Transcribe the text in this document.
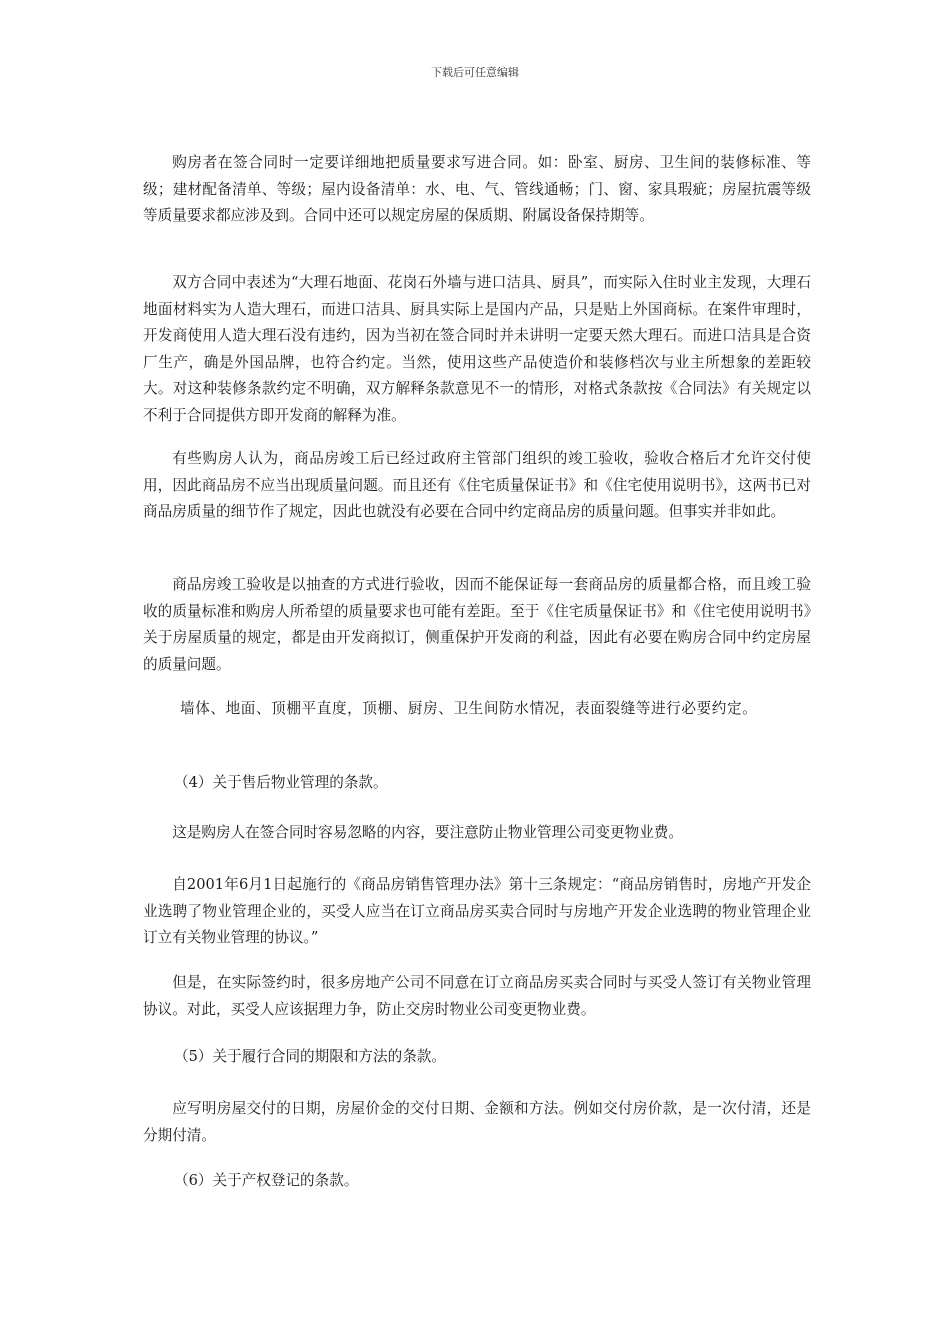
下载后可任意编辑

购房者在签合同时一定要详细地把质量要求写进合同。如：卧室、厨房、卫生间的装修标准、等级；建材配备清单、等级；屋内设备清单：水、电、气、管线通畅；门、窗、家具瑕疵；房屋抗震等级等质量要求都应涉及到。合同中还可以规定房屋的保质期、附属设备保持期等。

双方合同中表述为“大理石地面、花岗石外墙与进口洁具、厨具”，而实际入住时业主发现，大理石地面材料实为人造大理石，而进口洁具、厨具实际上是国内产品，只是贴上外国商标。在案件审理时，开发商使用人造大理石没有违约，因为当初在签合同时并未讲明一定要天然大理石。而进口洁具是合资厂生产，确是外国品牌，也符合约定。当然，使用这些产品使造价和装修档次与业主所想象的差距较大。对这种装修条款约定不明确，双方解释条款意见不一的情形，对格式条款按《合同法》有关规定以不利于合同提供方即开发商的解释为准。

有些购房人认为，商品房竣工后已经过政府主管部门组织的竣工验收，验收合格后才允许交付使用，因此商品房不应当出现质量问题。而且还有《住宅质量保证书》和《住宅使用说明书》，这两书已对商品房质量的细节作了规定，因此也就没有必要在合同中约定商品房的质量问题。但事实并非如此。

商品房竣工验收是以抽查的方式进行验收，因而不能保证每一套商品房的质量都合格，而且竣工验收的质量标准和购房人所希望的质量要求也可能有差距。至于《住宅质量保证书》和《住宅使用说明书》关于房屋质量的规定，都是由开发商拟订，侧重保护开发商的利益，因此有必要在购房合同中约定房屋的质量问题。

墙体、地面、顶棚平直度，顶棚、厨房、卫生间防水情况，表面裂缝等进行必要约定。

（4）关于售后物业管理的条款。

这是购房人在签合同时容易忽略的内容，要注意防止物业管理公司变更物业费。

自2001年6月1日起施行的《商品房销售管理办法》第十三条规定：“商品房销售时，房地产开发企业选聘了物业管理企业的，买受人应当在订立商品房买卖合同时与房地产开发企业选聘的物业管理企业订立有关物业管理的协议。”

但是，在实际签约时，很多房地产公司不同意在订立商品房买卖合同时与买受人签订有关物业管理协议。对此，买受人应该据理力争，防止交房时物业公司变更物业费。

（5）关于履行合同的期限和方法的条款。

应写明房屋交付的日期，房屋价金的交付日期、金额和方法。例如交付房价款，是一次付清，还是分期付清。

（6）关于产权登记的条款。
